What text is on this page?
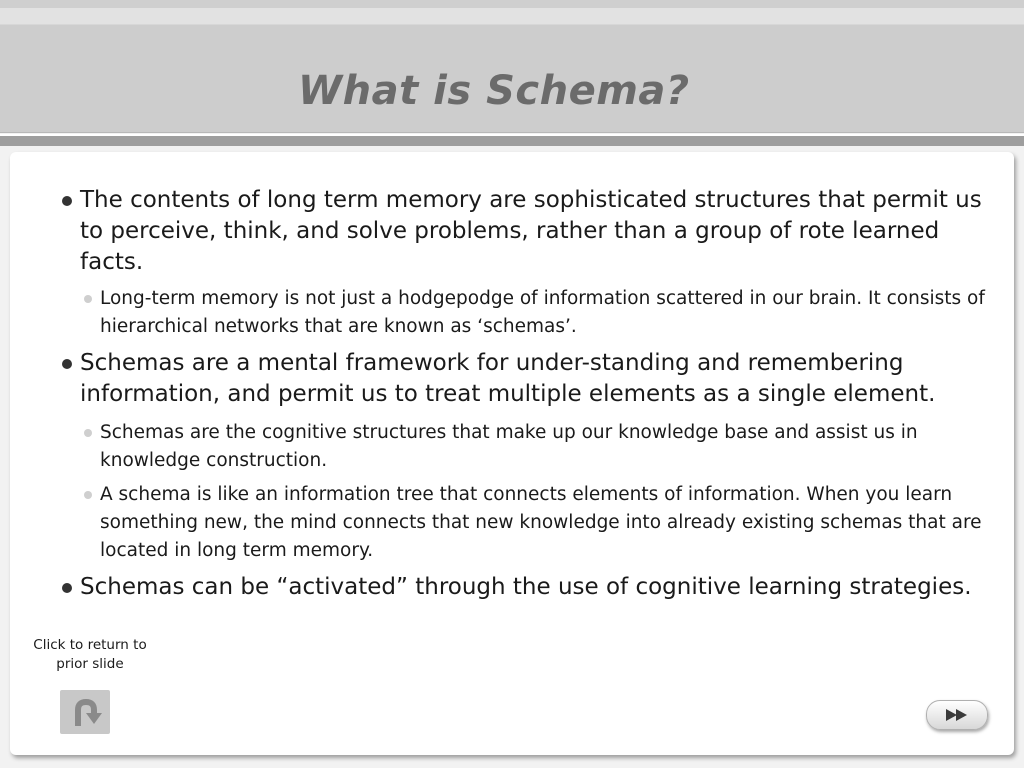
What is Schema?
The contents of long term memory are sophisticated structures that permit us to perceive, think, and solve problems, rather than a group of rote learned facts.
Long-term memory is not just a hodgepodge of information scattered in our brain. It consists of hierarchical networks that are known as ‘schemas’.
Schemas are a mental framework for under-standing and remembering information, and permit us to treat multiple elements as a single element.
Schemas are the cognitive structures that make up our knowledge base and assist us in knowledge construction.
A schema is like an information tree that connects elements of information. When you learn something new, the mind connects that new knowledge into already existing schemas that are located in long term memory.
Schemas can be “activated” through the use of cognitive learning strategies.
Click to return to prior slide
